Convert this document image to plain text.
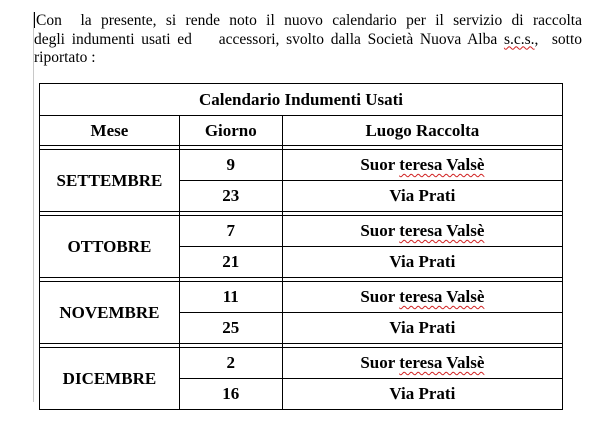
Con  la presente, si rende noto il nuovo calendario per il servizio di raccolta
degli indumenti usati ed    accessori, svolto dalla Società Nuova Alba s.c.s.,  sotto
riportato :
Calendario Indumenti Usati		
Mese	Giorno	Luogo Raccolta

SETTEMBRE	9	Suor teresa Valsè
	23	Via Prati

OTTOBRE	7	Suor teresa Valsè
	21	Via Prati

NOVEMBRE	11	Suor teresa Valsè
	25	Via Prati

DICEMBRE	2	Suor teresa Valsè
	16	Via Prati
